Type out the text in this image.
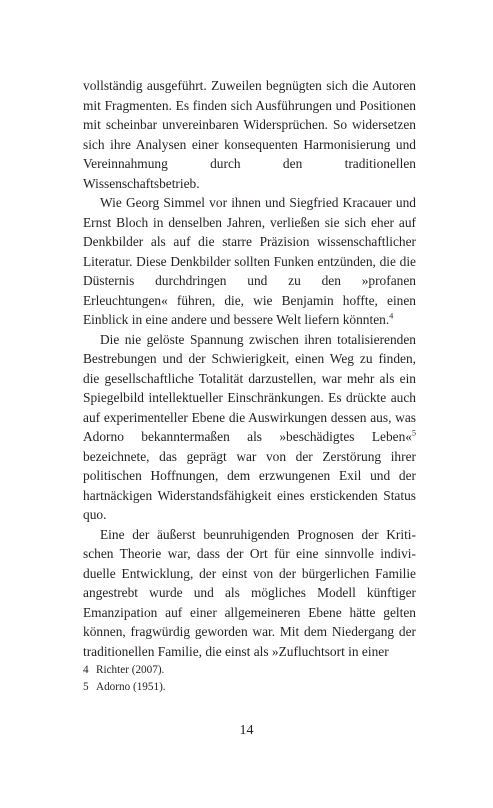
vollständig ausgeführt. Zuweilen begnügten sich die Autoren mit Fragmenten. Es finden sich Ausführungen und Positionen mit scheinbar unvereinbaren Widersprüchen. So widersetzen sich ihre Analysen einer konsequenten Harmonisierung und Vereinnahmung durch den traditionellen Wissenschaftsbetrieb.

Wie Georg Simmel vor ihnen und Siegfried Kracauer und Ernst Bloch in denselben Jahren, verließen sie sich eher auf Denkbilder als auf die starre Präzision wissenschaftlicher Literatur. Diese Denkbilder sollten Funken entzünden, die die Düsternis durchdringen und zu den »profanen Erleuchtungen« führen, die, wie Benjamin hoffte, einen Einblick in eine andere und bessere Welt liefern könnten.$^4$

Die nie gelöste Spannung zwischen ihren totalisierenden Bestrebungen und der Schwierigkeit, einen Weg zu finden, die gesellschaftliche Totalität darzustellen, war mehr als ein Spiegelbild intellektueller Einschränkungen. Es drückte auch auf experimenteller Ebene die Auswirkungen dessen aus, was Adorno bekanntermaßen als »beschädigtes Leben«$^5$ bezeichnete, das geprägt war von der Zerstörung ihrer politischen Hoffnungen, dem erzwungenen Exil und der hartnäckigen Widerstandsfähigkeit eines erstickenden Status quo.

Eine der äußerst beunruhigenden Prognosen der Kritischen Theorie war, dass der Ort für eine sinnvolle individuelle Entwicklung, der einst von der bürgerlichen Familie angestrebt wurde und als mögliches Modell künftiger Emanzipation auf einer allgemeineren Ebene hätte gelten können, fragwürdig geworden war. Mit dem Niedergang der traditionellen Familie, die einst als »Zufluchtsort in einer

4 Richter (2007).
5 Adorno (1951).
14
